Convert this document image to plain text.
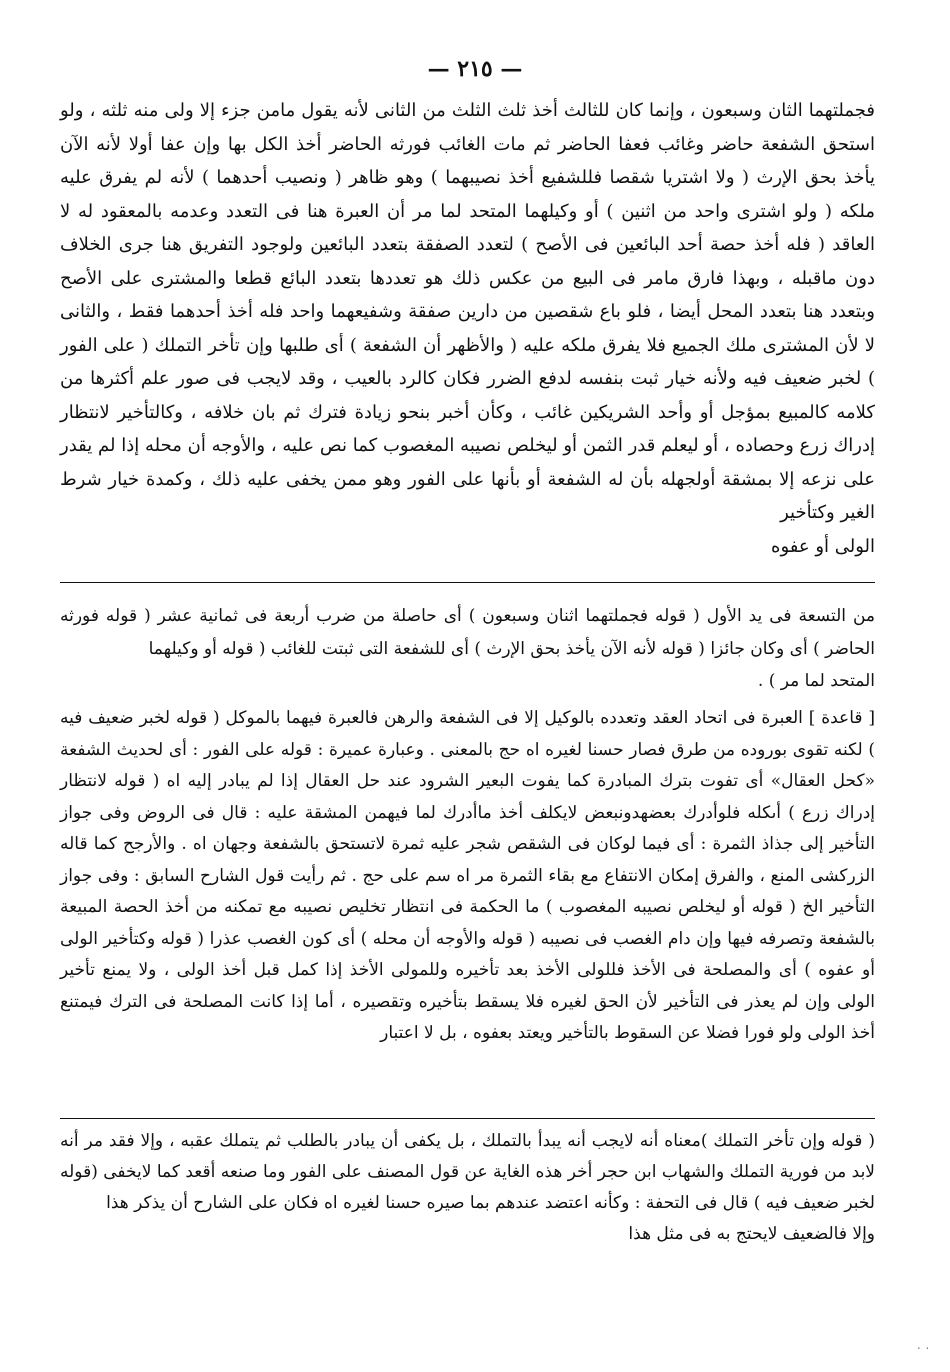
— ٢١٥ —

فجملتهما الثان وسبعون ، وإنما كان للثالث أخذ ثلث الثلث من الثانى لأنه يقول مامن جزء إلا ولى منه ثلثه ، ولو استحق الشفعة حاضر وغائب فعفا الحاضر ثم مات الغائب فورثه الحاضر أخذ الكل بها وإن عفا أولا لأنه الآن يأخذ بحق الإرث ( ولا اشتريا شقصا فللشفيع أخذ نصيبهما ) وهو ظاهر ( ونصيب أحدهما ) لأنه لم يفرق عليه ملكه ( ولو اشترى واحد من اثنين ) أو وكيلهما المتحد لما مر أن العبرة هنا فى التعدد وعدمه بالمعقود له لا العاقد ( فله أخذ حصة أحد البائعين فى الأصح ) لتعدد الصفقة بتعدد البائعين ولوجود التفريق هنا جرى الخلاف دون ماقبله ، وبهذا فارق مامر فى البيع من عكس ذلك هو تعددها بتعدد البائع قطعا والمشترى على الأصح وبتعدد هنا بتعدد المحل أيضا ، فلو باع شقصين من دارين صفقة وشفيعهما واحد فله أخذ أحدهما فقط ، والثانى لا لأن المشترى ملك الجميع فلا يفرق ملكه عليه ( والأظهر أن الشفعة ) أى طلبها وإن تأخر التملك ( على الفور ) لخبر ضعيف فيه ولأنه خيار ثبت بنفسه لدفع الضرر فكان كالرد بالعيب ، وقد لايجب فى صور علم أكثرها من كلامه كالمبيع بمؤجل أو وأحد الشريكين غائب ، وكأن أخبر بنحو زيادة فترك ثم بان خلافه ، وكالتأخير لانتظار إدراك زرع وحصاده ، أو ليعلم قدر الثمن أو ليخلص نصيبه المغصوب كما نص عليه ، والأوجه أن محله إذا لم يقدر على نزعه إلا بمشقة أولجهله بأن له الشفعة أو بأنها على الفور وهو ممن يخفى عليه ذلك ، وكمدة خيار شرط الغير وكتأخير

الولى أو عفوه

من التسعة فى يد الأول ( قوله فجملتهما اثنان وسبعون ) أى حاصلة من ضرب أربعة فى ثمانية عشر ( قوله فورثه الحاضر ) أى وكان جائزا ( قوله لأنه الآن يأخذ بحق الإرث ) أى للشفعة التى ثبتت للغائب ( قوله أو وكيلهما

المتحد لما مر ) .

[ قاعدة ] العبرة فى اتحاد العقد وتعدده بالوكيل إلا فى الشفعة والرهن فالعبرة فيهما بالموكل ( قوله لخبر ضعيف فيه ) لكنه تقوى بوروده من طرق فصار حسنا لغيره اه حج بالمعنى . وعبارة عميرة : قوله على الفور : أى لحديث الشفعة «كحل العقال» أى تفوت بترك المبادرة كما يفوت البعير الشرود عند حل العقال إذا لم يبادر إليه اه ( قوله لانتظار إدراك زرع ) أىكله فلوأدرك بعضهدونبعض لايكلف أخذ ماأدرك لما فيهمن المشقة عليه : قال فى الروض وفى جواز التأخير إلى جذاذ الثمرة : أى فيما لوكان فى الشقص شجر عليه ثمرة لاتستحق بالشفعة وجهان اه . والأرجح كما قاله الزركشى المنع ، والفرق إمكان الانتفاع مع بقاء الثمرة مر اه سم على حج . ثم رأيت قول الشارح السابق : وفى جواز التأخير الخ ( قوله أو ليخلص نصيبه المغصوب ) ما الحكمة فى انتظار تخليص نصيبه مع تمكنه من أخذ الحصة المبيعة بالشفعة وتصرفه فيها وإن دام الغصب فى نصيبه ( قوله والأوجه أن محله ) أى كون الغصب عذرا ( قوله وكتأخير الولى أو عفوه ) أى والمصلحة فى الأخذ فللولى الأخذ بعد تأخيره وللمولى الأخذ إذا كمل قبل أخذ الولى ، ولا يمنع تأخير الولى وإن لم يعذر فى التأخير لأن الحق لغيره فلا يسقط بتأخيره وتقصيره ، أما إذا كانت المصلحة فى الترك فيمتنع أخذ الولى ولو فورا فضلا عن السقوط بالتأخير ويعتد بعفوه ، بل لا اعتبار

( قوله وإن تأخر التملك )معناه أنه لايجب أنه يبدأ بالتملك ، بل يكفى أن يبادر بالطلب ثم يتملك عقبه ، وإلا فقد مر أنه لابد من فورية التملك والشهاب ابن حجر أخر هذه الغاية عن قول المصنف على الفور وما صنعه أقعد كما لايخفى (قوله لخبر ضعيف فيه ) قال فى التحفة : وكأنه اعتضد عندهم بما صيره حسنا لغيره اه فكان على الشارح أن يذكر هذا

وإلا فالضعيف لايحتج به فى مثل هذا
٠ ٠
